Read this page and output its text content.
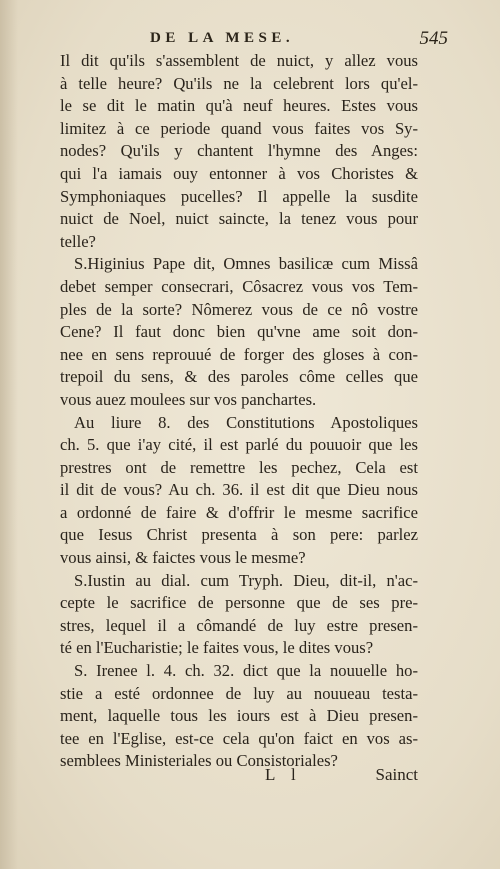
DE LA MESE.	545
Il dit qu'ils s'assemblent de nuict, y allez vous
à telle heure? Qu'ils ne la celebrent lors qu'el-
le se dit le matin qu'à neuf heures. Estes vous
limitez à ce periode quand vous faites vos Sy-
nodes? Qu'ils y chantent l'hymne des Anges:
qui l'a iamais ouy entonner à vos Choristes &
Symphoniaques pucelles? Il appelle la susdite
nuict de Noel, nuict saincte, la tenez vous pour
telle?
S.Higinius Pape dit, Omnes basilicæ cum Missâ
debet semper consecrari, Côsacrez vous vos Tem-
ples de la sorte? Nômerez vous de ce nô vostre
Cene? Il faut donc bien qu'vne ame soit don-
nee en sens reprouué de forger des gloses à con-
trepoil du sens, & des paroles côme celles que
vous auez moulees sur vos panchartes.
Au liure 8. des Constitutions Apostoliques
ch. 5. que i'ay cité, il est parlé du pouuoir que les
prestres ont de remettre les pechez, Cela est
il dit de vous? Au ch. 36. il est dit que Dieu nous
a ordonné de faire & d'offrir le mesme sacrifice
que Iesus Christ presenta à son pere: parlez
vous ainsi, & faictes vous le mesme?
S.Iustin au dial. cum Tryph. Dieu, dit-il, n'ac-
cepte le sacrifice de personne que de ses pre-
stres, lequel il a cômandé de luy estre presen-
té en l'Eucharistie; le faites vous, le dites vous?
S. Irenee l. 4. ch. 32. dict que la nouuelle ho-
stie a esté ordonnee de luy au nouueau testa-
ment, laquelle tous les iours est à Dieu presen-
tee en l'Eglise, est-ce cela qu'on faict en vos as-
semblees Ministeriales ou Consistoriales?
L l	Sainct
